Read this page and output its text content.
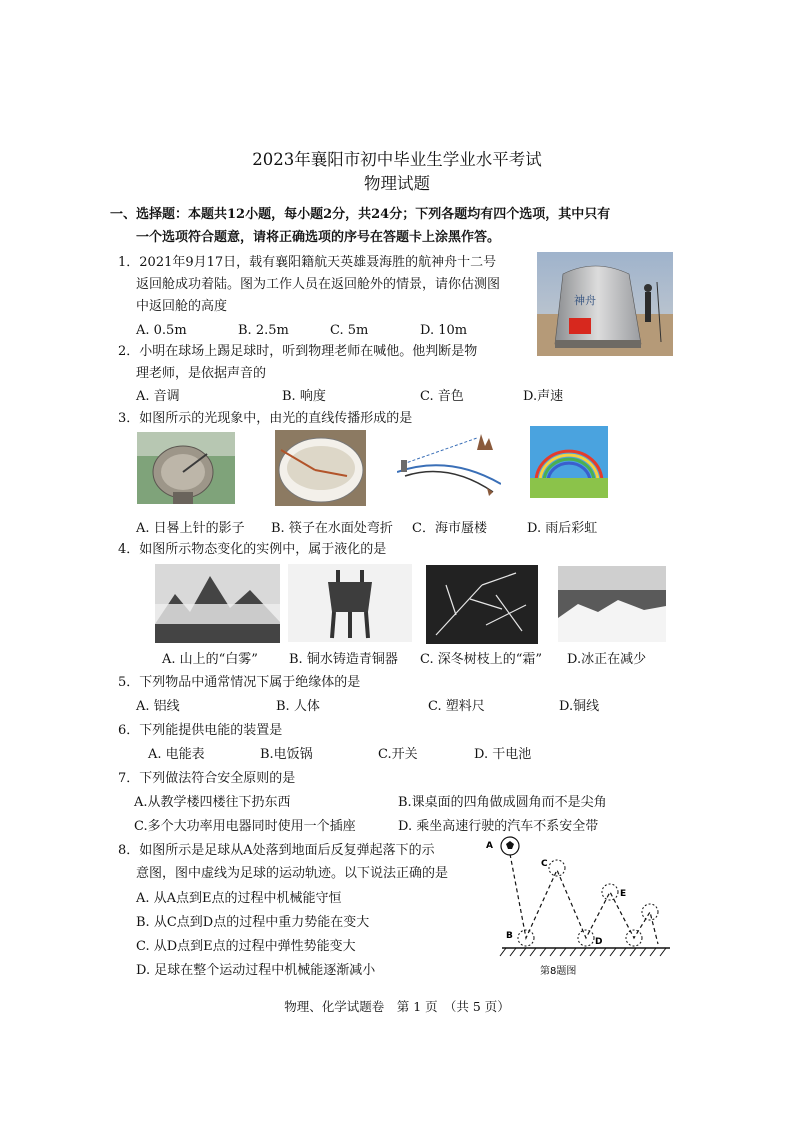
2023年襄阳市初中毕业生学业水平考试
物理试题
一、选择题：本题共12小题，每小题2分，共24分；下列各题均有四个选项，其中只有
一个选项符合题意，请将正确选项的序号在答题卡上涂黑作答。
1．2021年9月17日，载有襄阳籍航天英雄聂海胜的航神舟十二号
返回舱成功着陆。图为工作人员在返回舱外的情景，请你估测图
中返回舱的高度
A. 0.5m	B. 2.5m	C. 5m	D. 10m
神舟
2．小明在球场上踢足球时，听到物理老师在喊他。他判断是物
理老师，是依据声音的
A. 音调	B. 响度	C. 音色	D.声速
3．如图所示的光现象中，由光的直线传播形成的是
A. 日晷上针的影子 B. 筷子在水面处弯折 C．海市蜃楼	D. 雨后彩虹
4．如图所示物态变化的实例中，属于液化的是
A. 山上的“白雾” B. 铜水铸造青铜器 C. 深冬树枝上的“霜” D.冰正在减少
5．下列物品中通常情况下属于绝缘体的是
A. 铝线	B. 人体	C. 塑料尺	D.铜线
6．下列能提供电能的装置是
A. 电能表	B.电饭锅	C.开关	D. 干电池
7．下列做法符合安全原则的是
A.从教学楼四楼往下扔东西	B.课桌面的四角做成圆角而不是尖角
C.多个大功率用电器同时使用一个插座	D. 乘坐高速行驶的汽车不系安全带
8．如图所示是足球从A处落到地面后反复弹起落下的示
意图，图中虚线为足球的运动轨迹。以下说法正确的是
A. 从A点到E点的过程中机械能守恒
B. 从C点到D点的过程中重力势能在变大
C. 从D点到E点的过程中弹性势能变大
D. 足球在整个运动过程中机械能逐渐减小
A
B
C
D
E
第8题图
物理、化学试题卷　第 1 页　（共 5 页）
